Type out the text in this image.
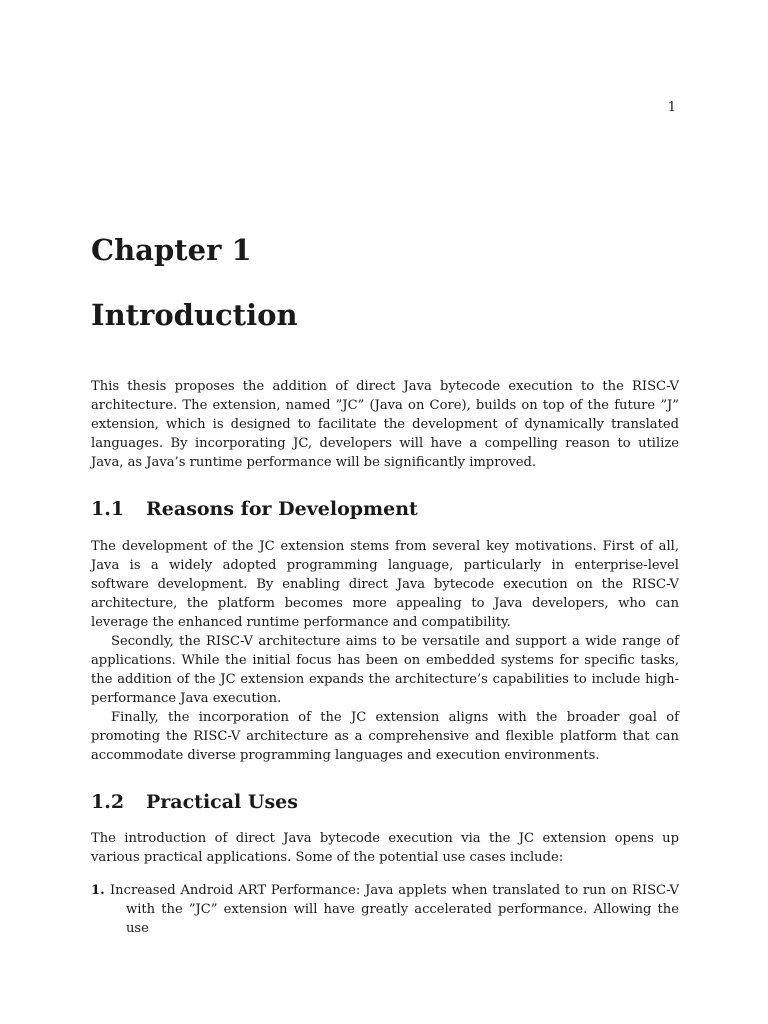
1
Chapter 1
Introduction

This thesis proposes the addition of direct Java bytecode execution to the RISC-V architecture. The extension, named ”JC” (Java on Core), builds on top of the future ”J” extension, which is designed to facilitate the development of dynamically translated languages. By incorporating JC, developers will have a compelling reason to utilize Java, as Java’s runtime performance will be significantly improved.

1.1 Reasons for Development

The development of the JC extension stems from several key motivations. First of all, Java is a widely adopted programming language, particularly in enterprise-level software development. By enabling direct Java bytecode execution on the RISC-V architecture, the platform becomes more appealing to Java developers, who can leverage the enhanced runtime performance and compatibility.

Secondly, the RISC-V architecture aims to be versatile and support a wide range of applications. While the initial focus has been on embedded systems for specific tasks, the addition of the JC extension expands the architecture’s capabilities to include high-performance Java execution.

Finally, the incorporation of the JC extension aligns with the broader goal of promoting the RISC-V architecture as a comprehensive and flexible platform that can accommodate diverse programming languages and execution environments.

1.2 Practical Uses

The introduction of direct Java bytecode execution via the JC extension opens up various practical applications. Some of the potential use cases include:

1. Increased Android ART Performance: Java applets when translated to run on RISC-V with the ”JC” extension will have greatly accelerated performance. Allowing the use
